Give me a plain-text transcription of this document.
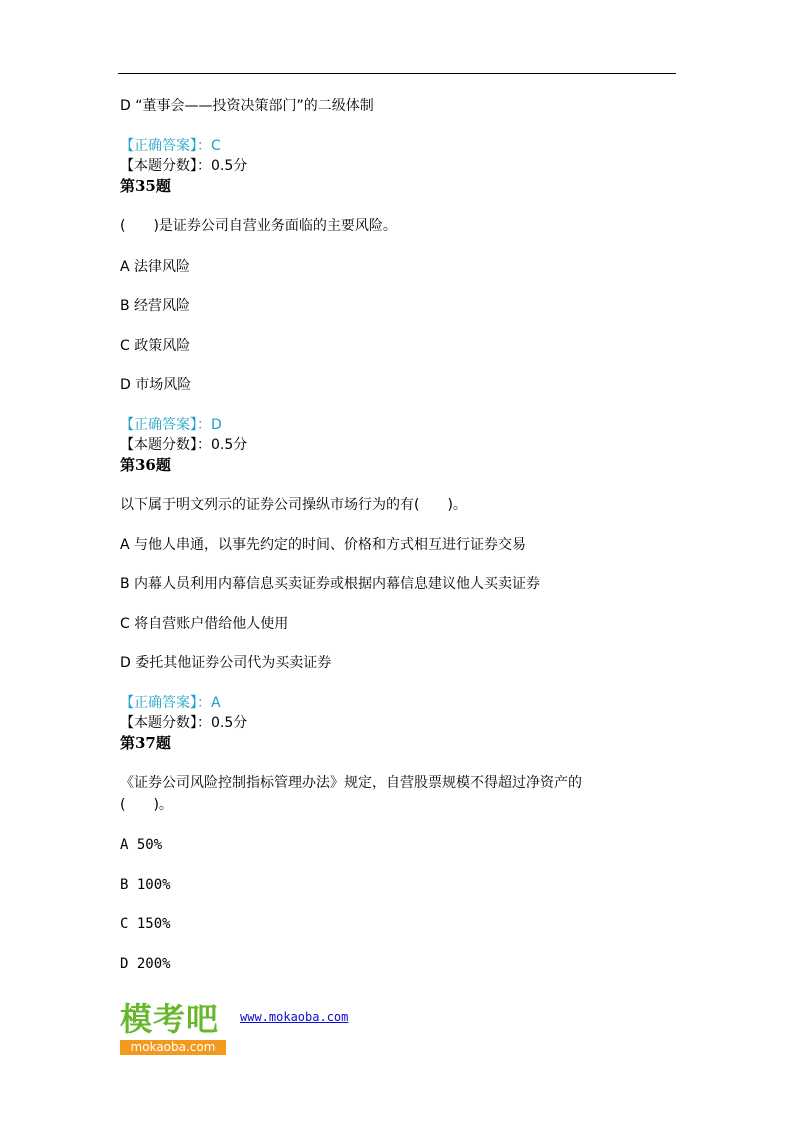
D “董事会——投资决策部门”的二级体制
【正确答案】：C
【本题分数】：0.5分
第35题
(　　)是证券公司自营业务面临的主要风险。
A 法律风险
B 经营风险
C 政策风险
D 市场风险
【正确答案】：D
【本题分数】：0.5分
第36题
以下属于明文列示的证券公司操纵市场行为的有(　　)。
A 与他人串通，以事先约定的时间、价格和方式相互进行证券交易
B 内幕人员利用内幕信息买卖证券或根据内幕信息建议他人买卖证券
C 将自营账户借给他人使用
D 委托其他证券公司代为买卖证券
【正确答案】：A
【本题分数】：0.5分
第37题
《证券公司风险控制指标管理办法》规定，自营股票规模不得超过净资产的
(　　)。
A 50%
B 100%
C 150%
D 200%
模考吧
mokaoba.com
www.mokaoba.com
